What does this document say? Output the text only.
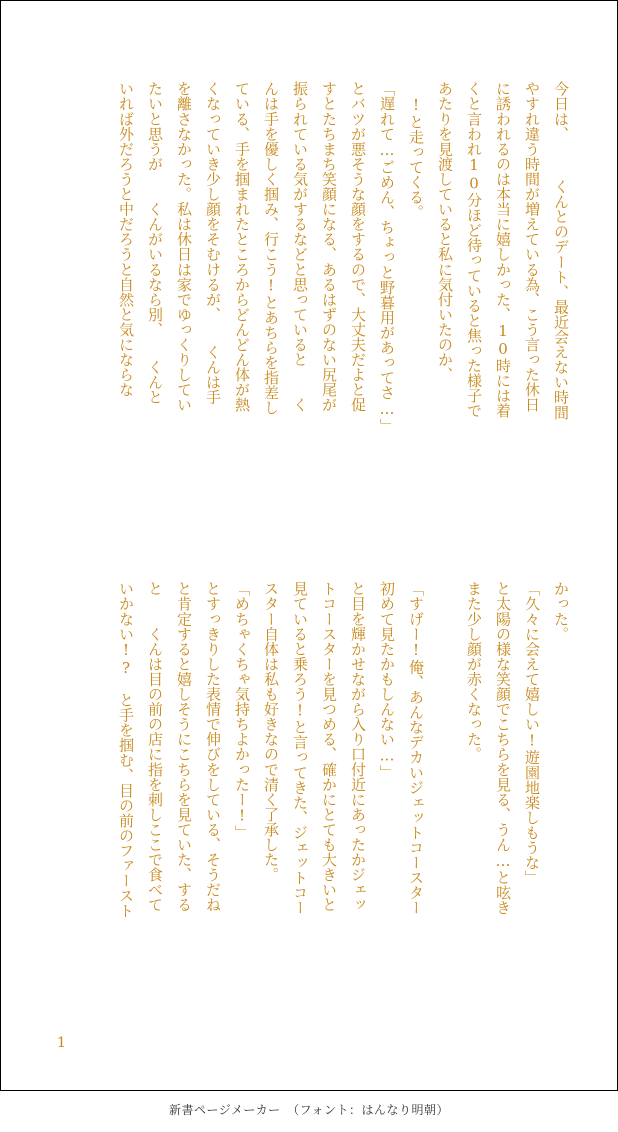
今日は、　　　くんとのデート、最近会えない時間
やすれ違う時間が増えている為、こう言った休日
に誘われるのは本当に嬉しかった、10時には着
くと言われ10分ほど待っていると焦った様子で
あたりを見渡していると私に気付いたのか、
　!と走ってくる。
「遅れて…ごめん、ちょっと野暮用があってさ…」
とバツが悪そうな顔をするので、大丈夫だよと促
すとたちまち笑顔になる、あるはずのない尻尾が
振られている気がするなどと思っていると　　く
んは手を優しく掴み、行こう!とあちらを指差し
ている、手を掴まれたところからどんどん体が熱
くなっていき少し顔をそむけるが、　　くんは手
を離さなかった。私は休日は家でゆっくりしてい
たいと思うが　　くんがいるなら別、　　くんと
いれば外だろうと中だろうと自然と気にならな
かった。
「久々に会えて嬉しい!遊園地楽しもうな」
と太陽の様な笑顔でこちらを見る、うん…と呟き
また少し顔が赤くなった。

「すげー!俺、あんなデカいジェットコースター
初めて見たかもしんない…」
と目を輝かせながら入り口付近にあったかジェッ
トコースターを見つめる、確かにとても大きいと
見ていると乗ろう!と言ってきた、ジェットコー
スター自体は私も好きなので清く了承した。
「めちゃくちゃ気持ちよかったー!」
とすっきりした表情で伸びをしている、そうだね
と肯定すると嬉しそうにこちらを見ていた、する
と　　くんは目の前の店に指を刺しここで食べて
いかない!?　と手を掴む、目の前のファースト
1
新書ページメーカー　（フォント：はんなり明朝）
